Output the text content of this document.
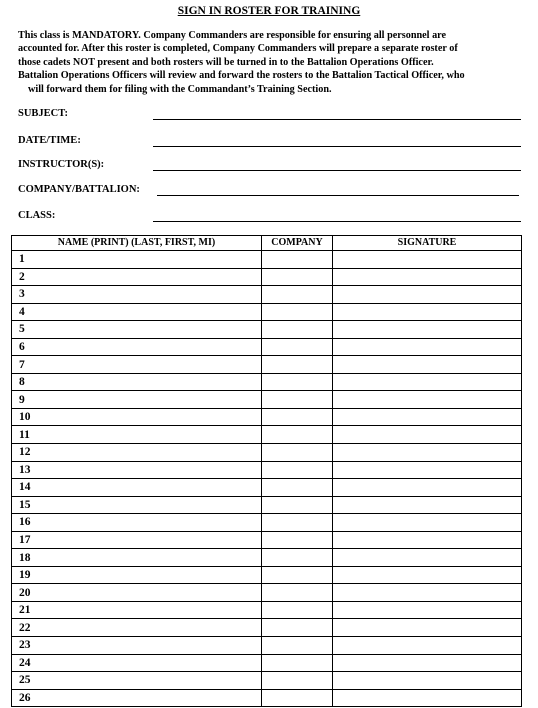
SIGN IN ROSTER FOR TRAINING

This class is MANDATORY. Company Commanders are responsible for ensuring all personnel are

accounted for. After this roster is completed, Company Commanders will prepare a separate roster of

those cadets NOT present and both rosters will be turned in to the Battalion Operations Officer.

Battalion Operations Officers will review and forward the rosters to the Battalion Tactical Officer, who

will forward them for filing with the Commandant’s Training Section.

SUBJECT:
DATE/TIME:
INSTRUCTOR(S):
COMPANY/BATTALION:
CLASS:
NAME (PRINT) (LAST, FIRST, MI)	COMPANY	SIGNATURE
1		
2		
3		
4		
5		
6		
7		
8		
9		
10		
11		
12		
13		
14		
15		
16		
17		
18		
19		
20		
21		
22		
23		
24		
25		
26		
